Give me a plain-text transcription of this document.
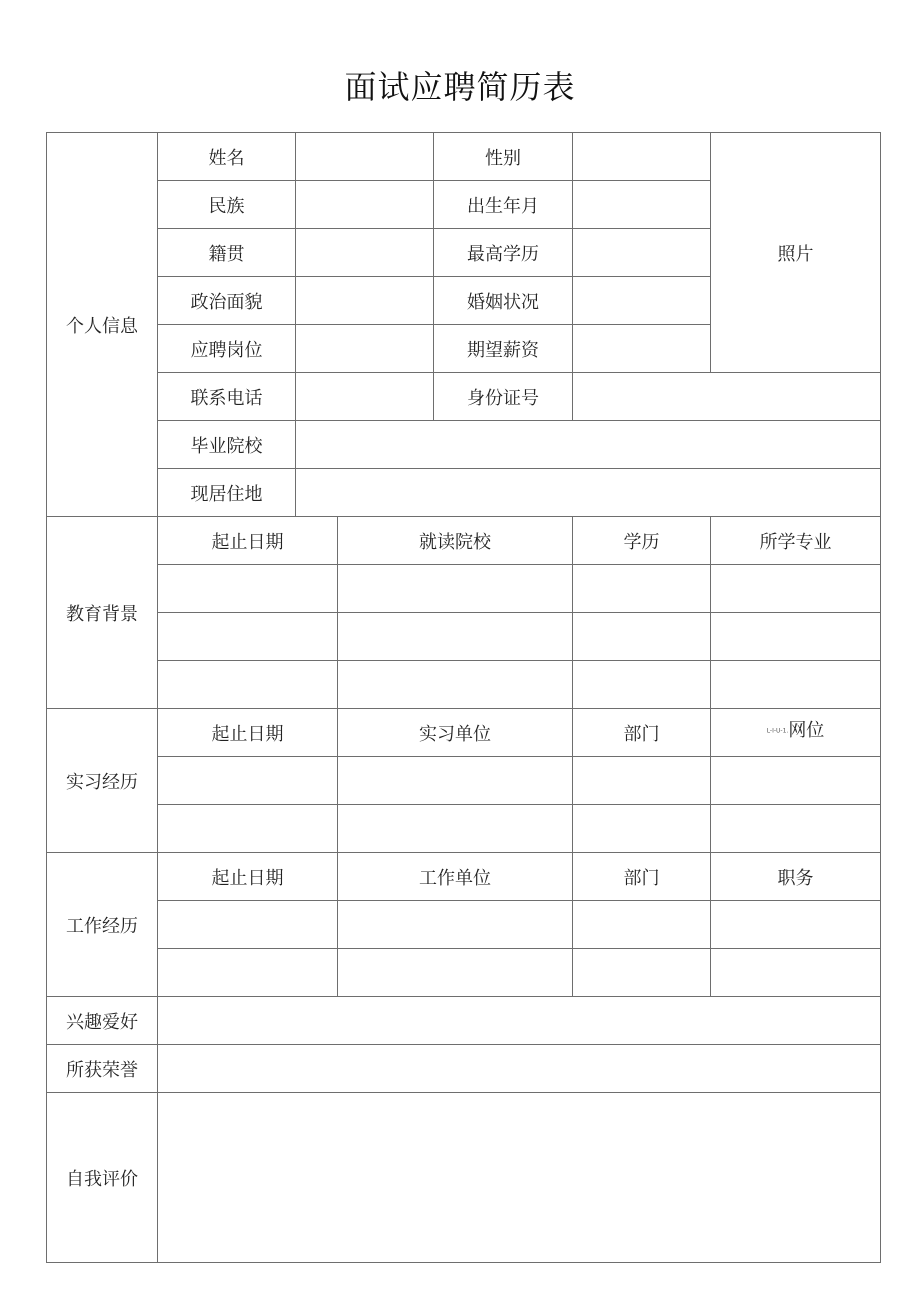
面试应聘简历表
个人信息	姓名			性别		照片
	民族			出生年月		
	籍贯			最高学历		
	政治面貌			婚姻状况		
	应聘岗位			期望薪资		
	联系电话			身份证号		
	毕业院校					
	现居住地					
教育背景	起止日期		就读院校		学历	所学专业

实习经历	起止日期		实习单位		部门	L-I-U-1.网位

工作经历	起止日期		工作单位		部门	职务

兴趣爱好						
所获荣誉						
自我评价						
